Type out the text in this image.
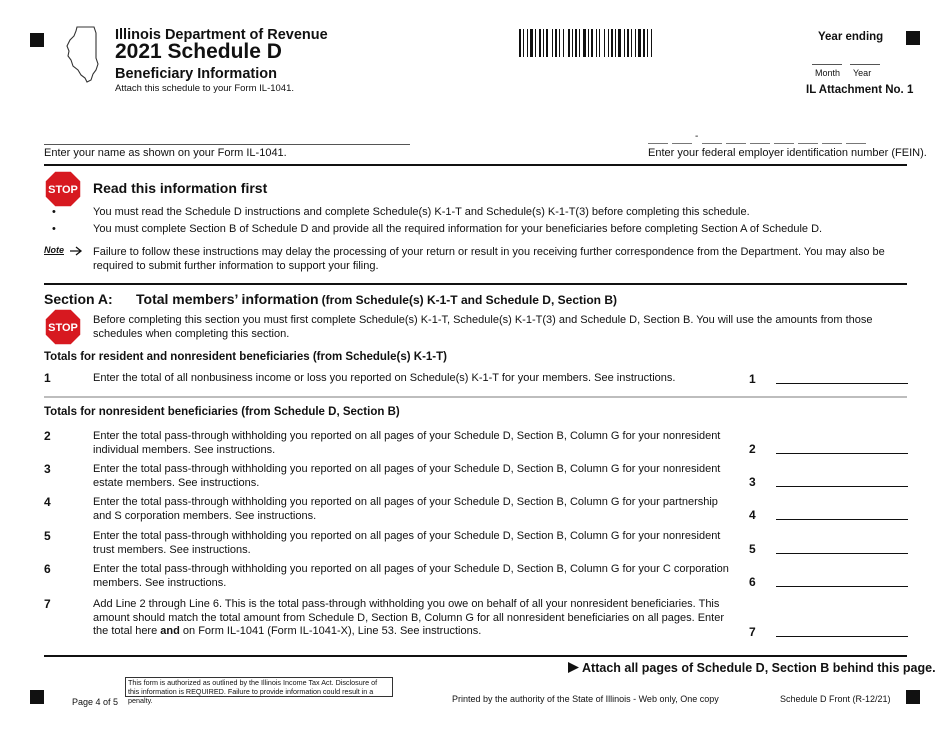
Illinois Department of Revenue
2021 Schedule D
Beneficiary Information
Attach this schedule to your Form IL-1041.
Year ending
Month Year
IL Attachment No. 1
Enter your name as shown on your Form IL-1041.
-
Enter your federal employer identification number (FEIN).
STOP Read this information first
•	You must read the Schedule D instructions and complete Schedule(s) K-1-T and Schedule(s) K-1-T(3) before completing this schedule.
•	You must complete Section B of Schedule D and provide all the required information for your beneficiaries before completing Section A of Schedule D.
Note	Failure to follow these instructions may delay the processing of your return or result in you receiving further correspondence from the Department. You may also be required to submit further information to support your filing.
Section A: Total members’ information (from Schedule(s) K-1-T and Schedule D, Section B)
STOP
Before completing this section you must first complete Schedule(s) K-1-T, Schedule(s) K-1-T(3) and Schedule D, Section B. You will use the amounts from those schedules when completing this section.
Totals for resident and nonresident beneficiaries (from Schedule(s) K-1-T)
1	Enter the total of all nonbusiness income or loss you reported on Schedule(s) K-1-T for your members. See instructions.	1
Totals for nonresident beneficiaries (from Schedule D, Section B)
2	Enter the total pass-through withholding you reported on all pages of your Schedule D, Section B, Column G for your nonresident individual members. See instructions.	2
3	Enter the total pass-through withholding you reported on all pages of your Schedule D, Section B, Column G for your nonresident estate members. See instructions.	3
4	Enter the total pass-through withholding you reported on all pages of your Schedule D, Section B, Column G for your partnership and S corporation members. See instructions.	4
5	Enter the total pass-through withholding you reported on all pages of your Schedule D, Section B, Column G for your nonresident trust members. See instructions.	5
6	Enter the total pass-through withholding you reported on all pages of your Schedule D, Section B, Column G for your C corporation members. See instructions.	6
7	Add Line 2 through Line 6. This is the total pass-through withholding you owe on behalf of all your nonresident beneficiaries. This amount should match the total amount from Schedule D, Section B, Column G for all nonresident beneficiaries on all pages. Enter the total here and on Form IL-1041 (Form IL-1041-X), Line 53. See instructions.	7
Attach all pages of Schedule D, Section B behind this page.
This form is authorized as outlined by the Illinois Income Tax Act. Disclosure of this information is REQUIRED. Failure to provide information could result in a penalty.
Page 4 of 5	Printed by the authority of the State of Illinois - Web only, One copy	Schedule D Front (R-12/21)
